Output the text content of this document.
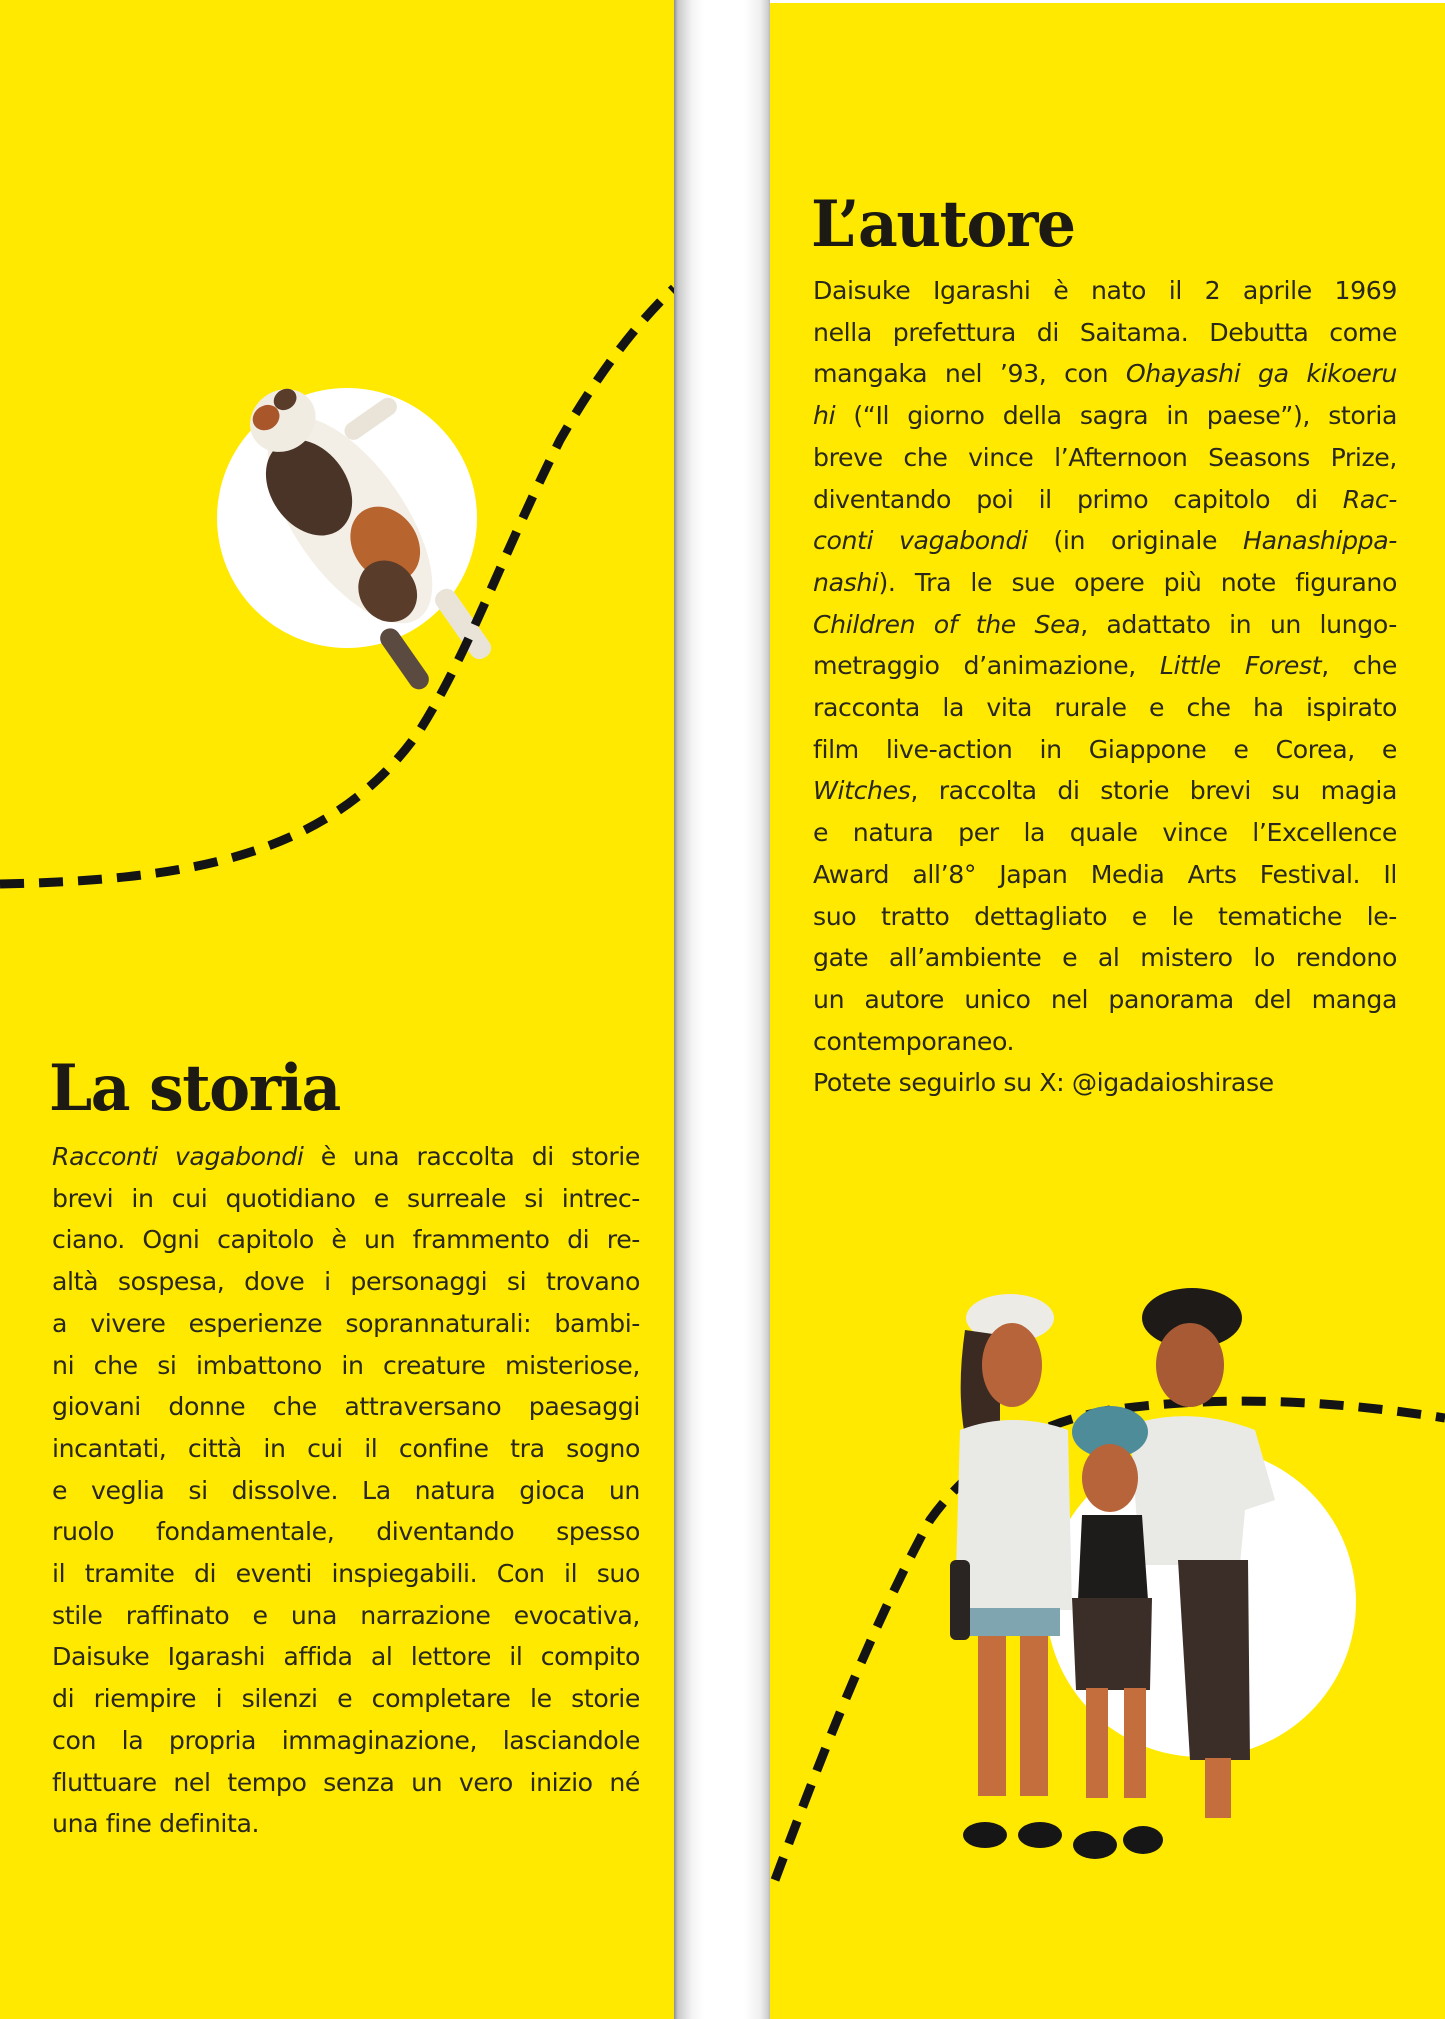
La storia
Racconti vagabondi è una raccolta di storie
brevi in cui quotidiano e surreale si intrec-
ciano. Ogni capitolo è un frammento di re-
altà sospesa, dove i personaggi si trovano
a vivere esperienze soprannaturali: bambi-
ni che si imbattono in creature misteriose,
giovani donne che attraversano paesaggi
incantati, città in cui il confine tra sogno
e veglia si dissolve. La natura gioca un
ruolo fondamentale, diventando spesso
il tramite di eventi inspiegabili. Con il suo
stile raffinato e una narrazione evocativa,
Daisuke Igarashi affida al lettore il compito
di riempire i silenzi e completare le storie
con la propria immaginazione, lasciandole
fluttuare nel tempo senza un vero inizio né
una fine definita.
L’autore
Daisuke Igarashi è nato il 2 aprile 1969
nella prefettura di Saitama. Debutta come
mangaka nel ’93, con Ohayashi ga kikoeru
hi (“Il giorno della sagra in paese”), storia
breve che vince l’Afternoon Seasons Prize,
diventando poi il primo capitolo di Rac-
conti vagabondi (in originale Hanashippa-
nashi). Tra le sue opere più note figurano
Children of the Sea, adattato in un lungo-
metraggio d’animazione, Little Forest, che
racconta la vita rurale e che ha ispirato
film live-action in Giappone e Corea, e
Witches, raccolta di storie brevi su magia
e natura per la quale vince l’Excellence
Award all’8° Japan Media Arts Festival. Il
suo tratto dettagliato e le tematiche le-
gate all’ambiente e al mistero lo rendono
un autore unico nel panorama del manga
contemporaneo.
Potete seguirlo su X: @igadaioshirase
